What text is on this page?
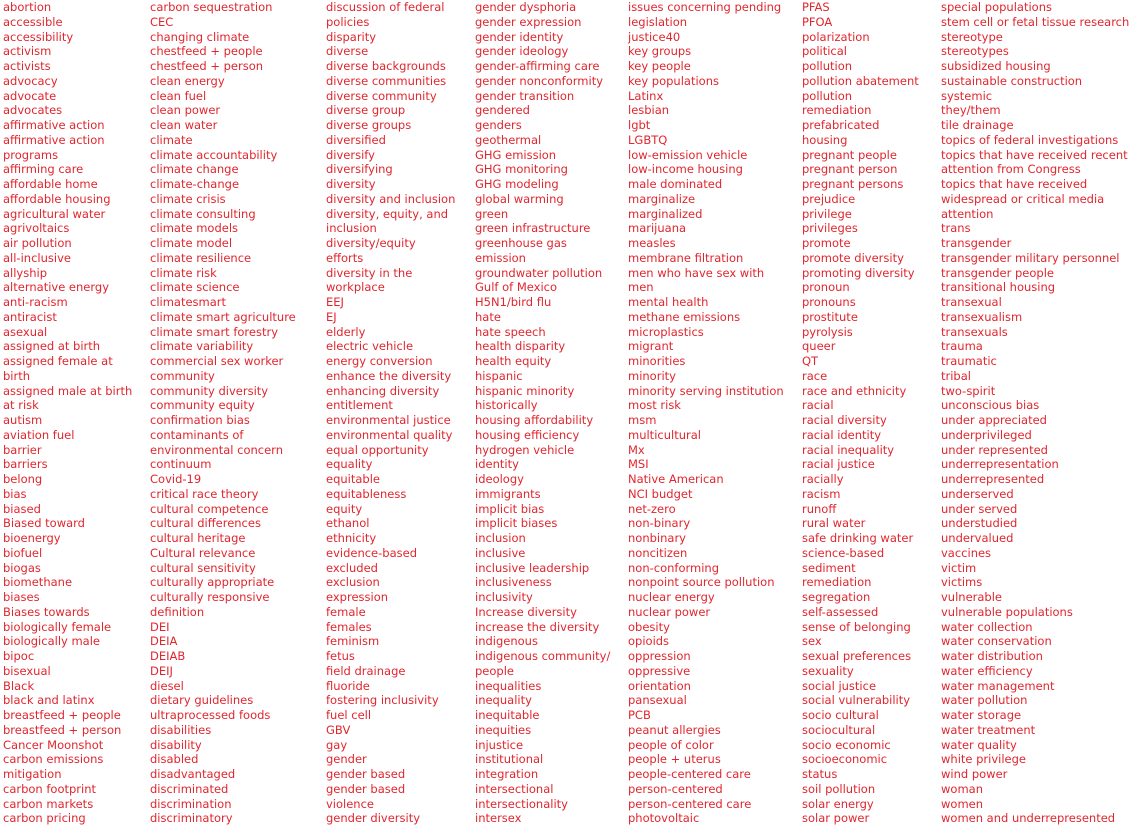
abortion
accessible
accessibility
activism
activists
advocacy
advocate
advocates
affirmative action
affirmative action
programs
affirming care
affordable home
affordable housing
agricultural water
agrivoltaics
air pollution
all-inclusive
allyship
alternative energy
anti-racism
antiracist
asexual
assigned at birth
assigned female at
birth
assigned male at birth
at risk
autism
aviation fuel
barrier
barriers
belong
bias
biased
Biased toward
bioenergy
biofuel
biogas
biomethane
biases
Biases towards
biologically female
biologically male
bipoc
bisexual
Black
black and latinx
breastfeed + people
breastfeed + person
Cancer Moonshot
carbon emissions
mitigation
carbon footprint
carbon markets
carbon pricing
carbon sequestration
CEC
changing climate
chestfeed + people
chestfeed + person
clean energy
clean fuel
clean power
clean water
climate
climate accountability
climate change
climate-change
climate crisis
climate consulting
climate models
climate model
climate resilience
climate risk
climate science
climatesmart
climate smart agriculture
climate smart forestry
climate variability
commercial sex worker
community
community diversity
community equity
confirmation bias
contaminants of
environmental concern
continuum
Covid-19
critical race theory
cultural competence
cultural differences
cultural heritage
Cultural relevance
cultural sensitivity
culturally appropriate
culturally responsive
definition
DEI
DEIA
DEIAB
DEIJ
diesel
dietary guidelines
ultraprocessed foods
disabilities
disability
disabled
disadvantaged
discriminated
discrimination
discriminatory
discussion of federal
policies
disparity
diverse
diverse backgrounds
diverse communities
diverse community
diverse group
diverse groups
diversified
diversify
diversifying
diversity
diversity and inclusion
diversity, equity, and
inclusion
diversity/equity
efforts
diversity in the
workplace
EEJ
EJ
elderly
electric vehicle
energy conversion
enhance the diversity
enhancing diversity
entitlement
environmental justice
environmental quality
equal opportunity
equality
equitable
equitableness
equity
ethanol
ethnicity
evidence-based
excluded
exclusion
expression
female
females
feminism
fetus
field drainage
fluoride
fostering inclusivity
fuel cell
GBV
gay
gender
gender based
gender based
violence
gender diversity
gender dysphoria
gender expression
gender identity
gender ideology
gender-affirming care
gender nonconformity
gender transition
gendered
genders
geothermal
GHG emission
GHG monitoring
GHG modeling
global warming
green
green infrastructure
greenhouse gas
emission
groundwater pollution
Gulf of Mexico
H5N1/bird flu
hate
hate speech
health disparity
health equity
hispanic
hispanic minority
historically
housing affordability
housing efficiency
hydrogen vehicle
identity
ideology
immigrants
implicit bias
implicit biases
inclusion
inclusive
inclusive leadership
inclusiveness
inclusivity
Increase diversity
increase the diversity
indigenous
indigenous community/
people
inequalities
inequality
inequitable
inequities
injustice
institutional
integration
intersectional
intersectionality
intersex
issues concerning pending
legislation
justice40
key groups
key people
key populations
Latinx
lesbian
lgbt
LGBTQ
low-emission vehicle
low-income housing
male dominated
marginalize
marginalized
marijuana
measles
membrane filtration
men who have sex with
men
mental health
methane emissions
microplastics
migrant
minorities
minority
minority serving institution
most risk
msm
multicultural
Mx
MSI
Native American
NCI budget
net-zero
non-binary
nonbinary
noncitizen
non-conforming
nonpoint source pollution
nuclear energy
nuclear power
obesity
opioids
oppression
oppressive
orientation
pansexual
PCB
peanut allergies
people of color
people + uterus
people-centered care
person-centered
person-centered care
photovoltaic
PFAS
PFOA
polarization
political
pollution
pollution abatement
pollution
remediation
prefabricated
housing
pregnant people
pregnant person
pregnant persons
prejudice
privilege
privileges
promote
promote diversity
promoting diversity
pronoun
pronouns
prostitute
pyrolysis
queer
QT
race
race and ethnicity
racial
racial diversity
racial identity
racial inequality
racial justice
racially
racism
runoff
rural water
safe drinking water
science-based
sediment
remediation
segregation
self-assessed
sense of belonging
sex
sexual preferences
sexuality
social justice
social vulnerability
socio cultural
sociocultural
socio economic
socioeconomic
status
soil pollution
solar energy
solar power
special populations
stem cell or fetal tissue research
stereotype
stereotypes
subsidized housing
sustainable construction
systemic
they/them
tile drainage
topics of federal investigations
topics that have received recent
attention from Congress
topics that have received
widespread or critical media
attention
trans
transgender
transgender military personnel
transgender people
transitional housing
transexual
transexualism
transexuals
trauma
traumatic
tribal
two-spirit
unconscious bias
under appreciated
underprivileged
under represented
underrepresentation
underrepresented
underserved
under served
understudied
undervalued
vaccines
victim
victims
vulnerable
vulnerable populations
water collection
water conservation
water distribution
water efficiency
water management
water pollution
water storage
water treatment
water quality
white privilege
wind power
woman
women
women and underrepresented
